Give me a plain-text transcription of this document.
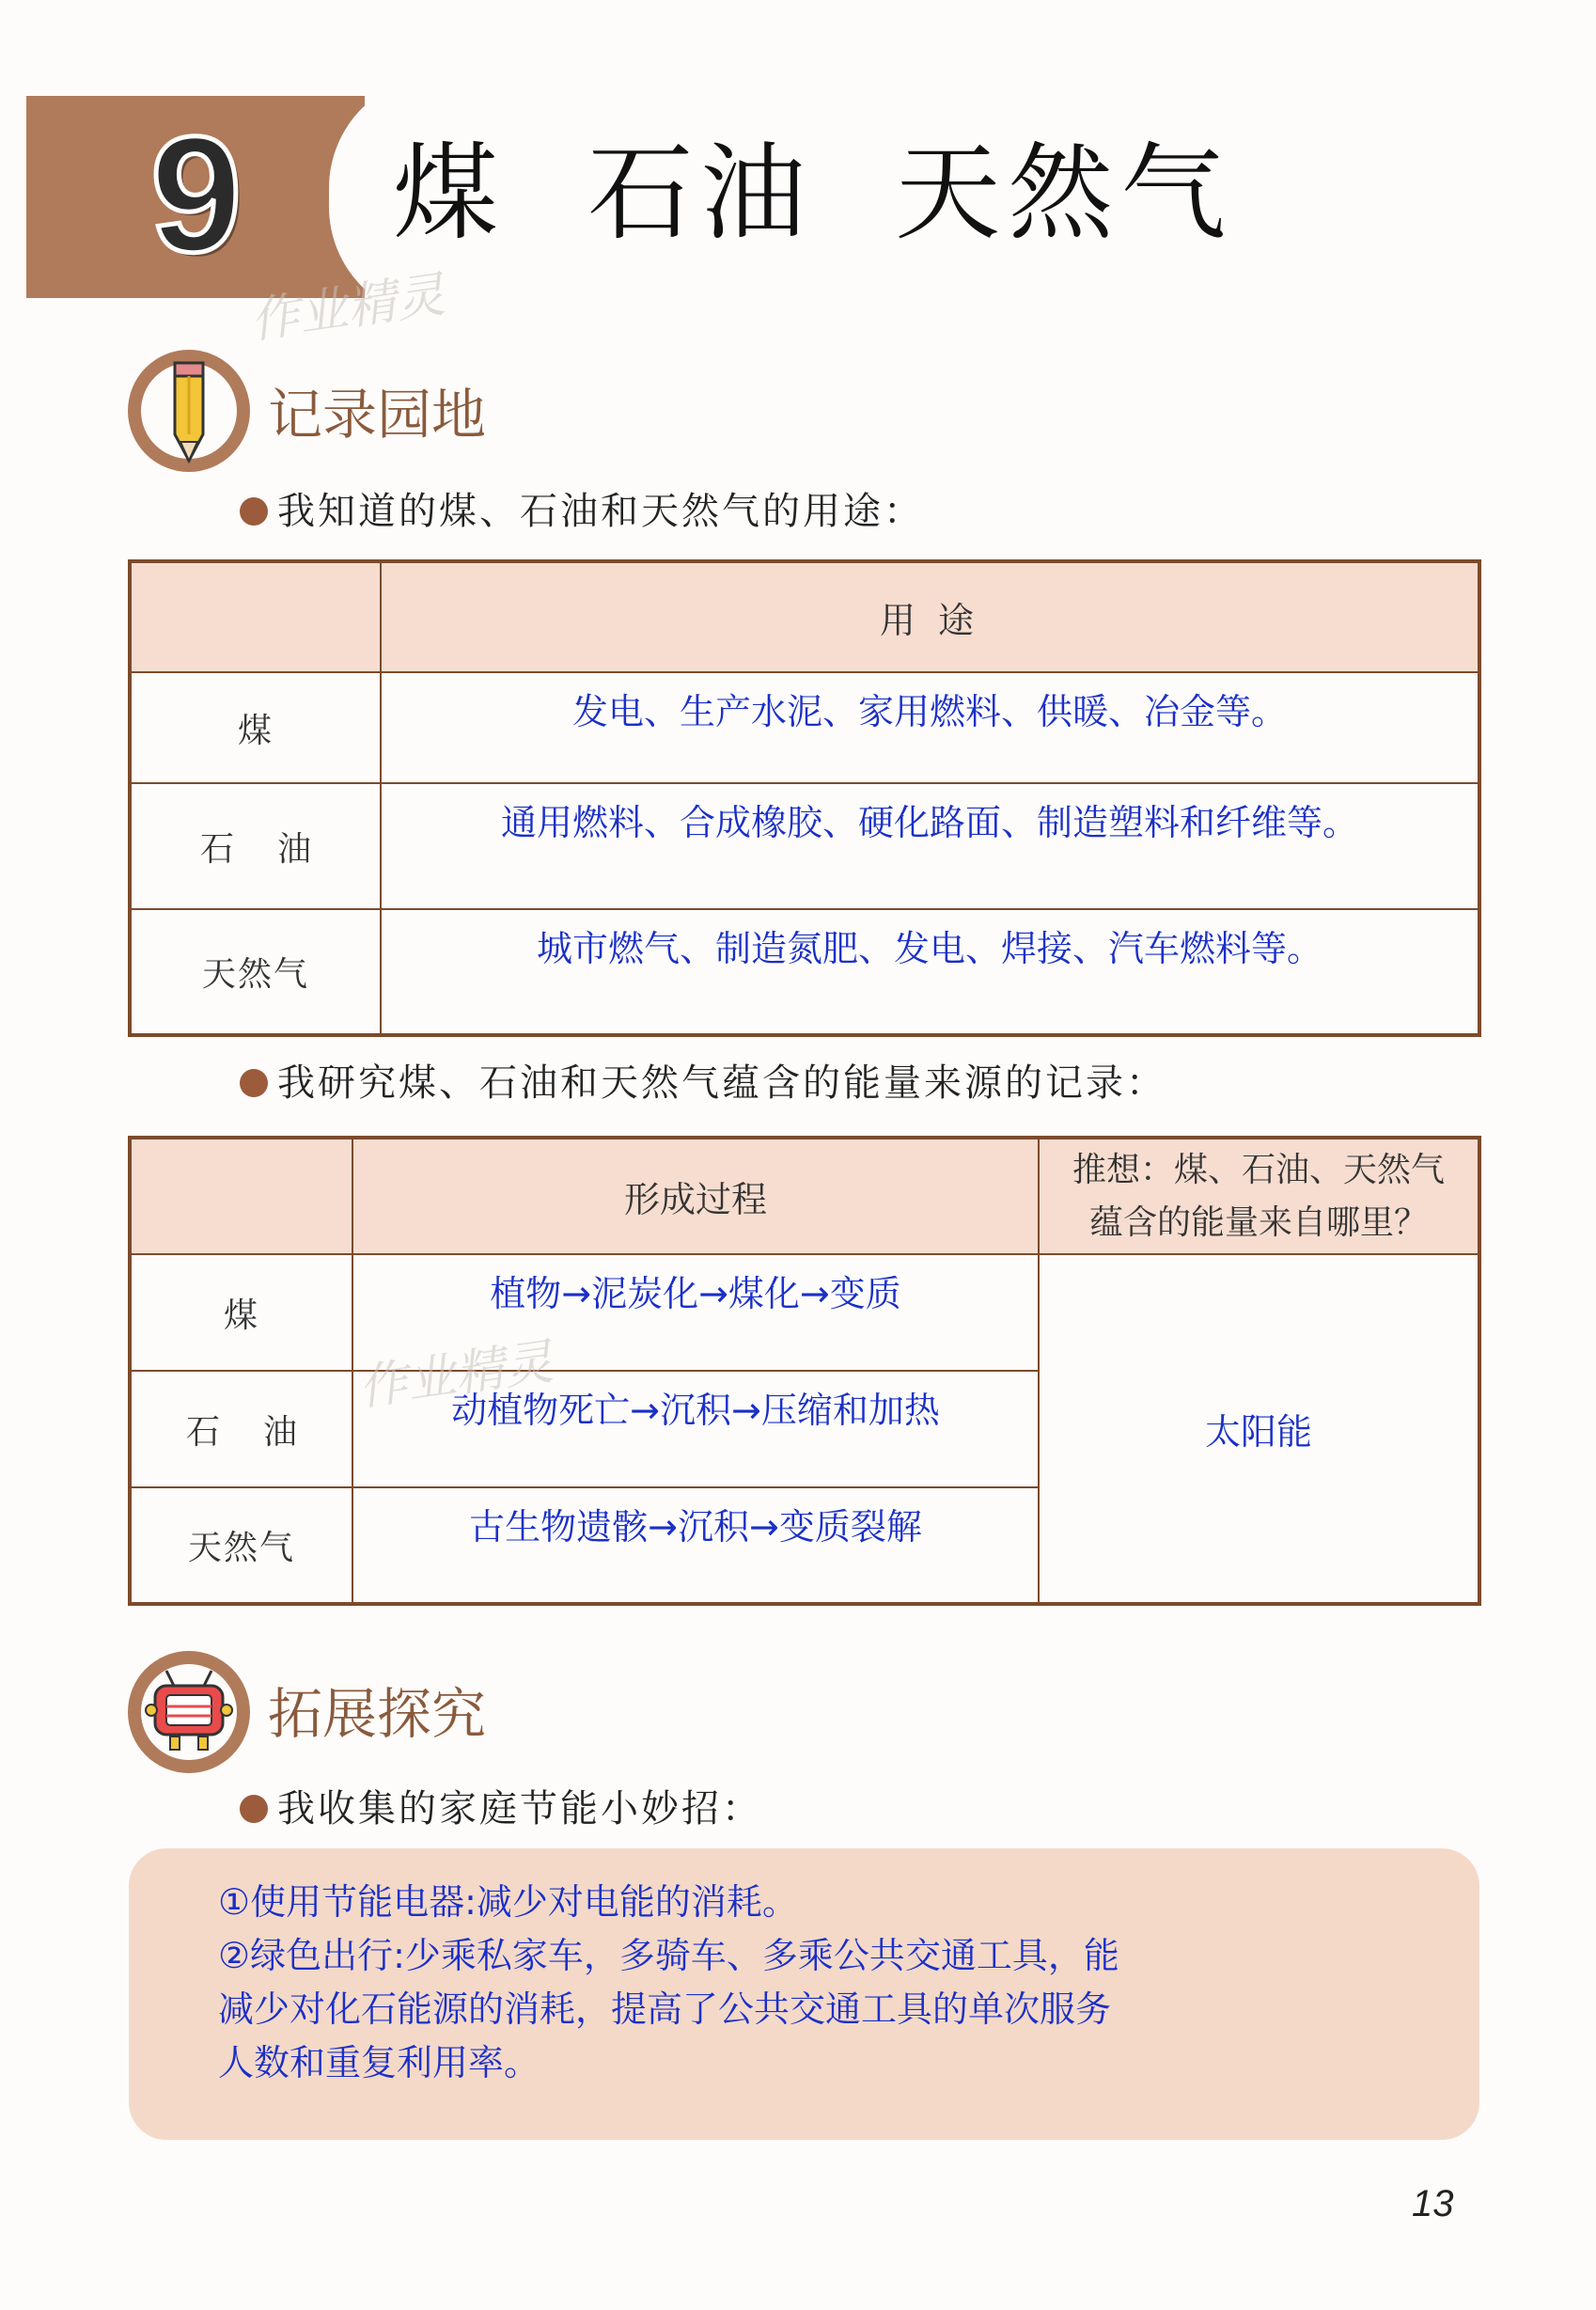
9 煤  石油  天然气
作业精灵
记录园地
我知道的煤、石油和天然气的用途：
	用 途
煤	发电、生产水泥、家用燃料、供暖、冶金等。

石油	通用燃料、合成橡胶、硬化路面、制造塑料和纤维等。

天然气	城市燃气、制造氮肥、发电、焊接、汽车燃料等。
我研究煤、石油和天然气蕴含的能量来源的记录：
	形成过程	推想：煤、石油、天然气
蕴含的能量来自哪里？

煤	植物→泥炭化→煤化→变质	太阳能
石油	动植物死亡→沉积→压缩和加热	

天然气	古生物遗骸→沉积→变质裂解	
作业精灵
拓展探究
我收集的家庭节能小妙招：
①使用节能电器:减少对电能的消耗。
②绿色出行:少乘私家车，多骑车、多乘公共交通工具，能
减少对化石能源的消耗，提高了公共交通工具的单次服务
人数和重复利用率。
13
